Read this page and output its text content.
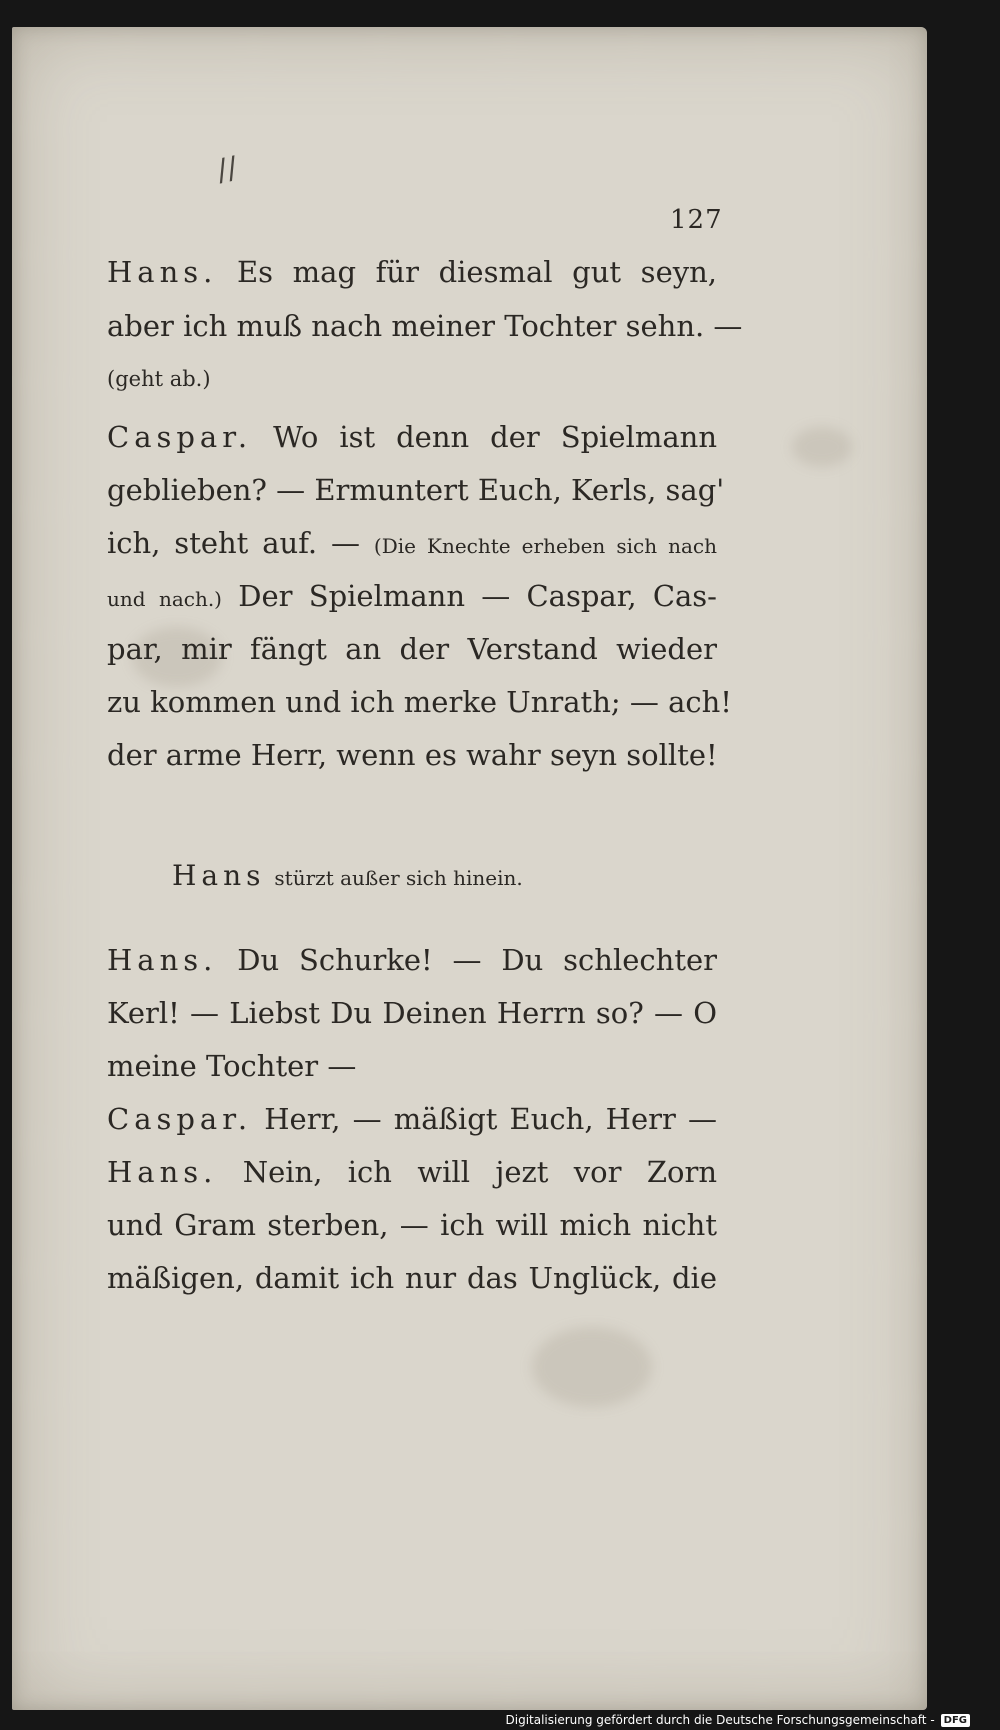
//
127
Hans. Es mag für diesmal gut seyn,
aber ich muß nach meiner Tochter sehn. —
(geht ab.)
Caspar. Wo ist denn der Spielmann
geblieben? — Ermuntert Euch, Kerls, sag'
ich, steht auf. — (Die Knechte erheben sich nach
und nach.) Der Spielmann — Caspar, Cas-
par, mir fängt an der Verstand wieder
zu kommen und ich merke Unrath; — ach!
der arme Herr, wenn es wahr seyn sollte!
Hans stürzt außer sich hinein.
Hans. Du Schurke! — Du schlechter
Kerl! — Liebst Du Deinen Herrn so? — O
meine Tochter —
Caspar. Herr, — mäßigt Euch, Herr —
Hans. Nein, ich will jezt vor Zorn
und Gram sterben, — ich will mich nicht
mäßigen, damit ich nur das Unglück, die
Digitalisierung gefördert durch die Deutsche Forschungsgemeinschaft - DFG
